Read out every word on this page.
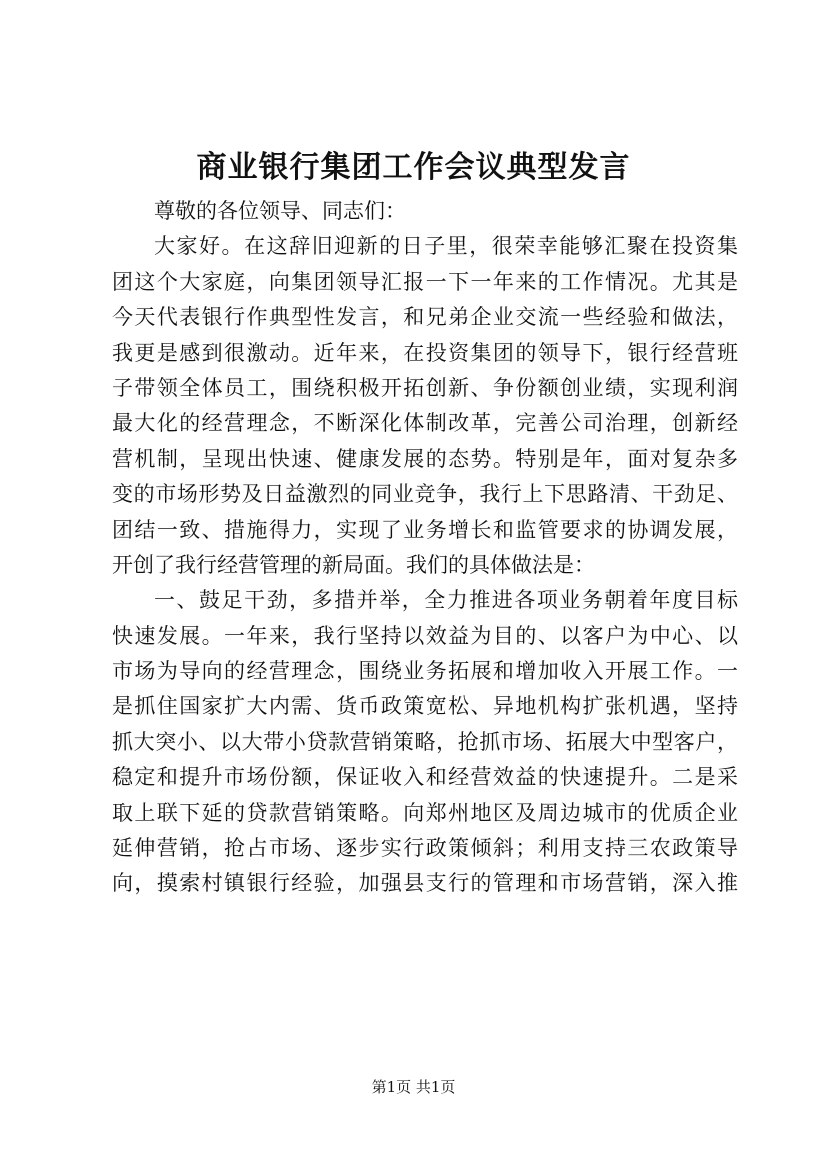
商业银行集团工作会议典型发言
尊敬的各位领导、同志们：
大家好。在这辞旧迎新的日子里，很荣幸能够汇聚在投资集
团这个大家庭，向集团领导汇报一下一年来的工作情况。尤其是
今天代表银行作典型性发言，和兄弟企业交流一些经验和做法，
我更是感到很激动。近年来，在投资集团的领导下，银行经营班
子带领全体员工，围绕积极开拓创新、争份额创业绩，实现利润
最大化的经营理念，不断深化体制改革，完善公司治理，创新经
营机制，呈现出快速、健康发展的态势。特别是年，面对复杂多
变的市场形势及日益激烈的同业竞争，我行上下思路清、干劲足、
团结一致、措施得力，实现了业务增长和监管要求的协调发展，
开创了我行经营管理的新局面。我们的具体做法是：
一、鼓足干劲，多措并举，全力推进各项业务朝着年度目标
快速发展。一年来，我行坚持以效益为目的、以客户为中心、以
市场为导向的经营理念，围绕业务拓展和增加收入开展工作。一
是抓住国家扩大内需、货币政策宽松、异地机构扩张机遇，坚持
抓大突小、以大带小贷款营销策略，抢抓市场、拓展大中型客户，
稳定和提升市场份额，保证收入和经营效益的快速提升。二是采
取上联下延的贷款营销策略。向郑州地区及周边城市的优质企业
延伸营销，抢占市场、逐步实行政策倾斜；利用支持三农政策导
向，摸索村镇银行经验，加强县支行的管理和市场营销，深入推
第1页 共1页
